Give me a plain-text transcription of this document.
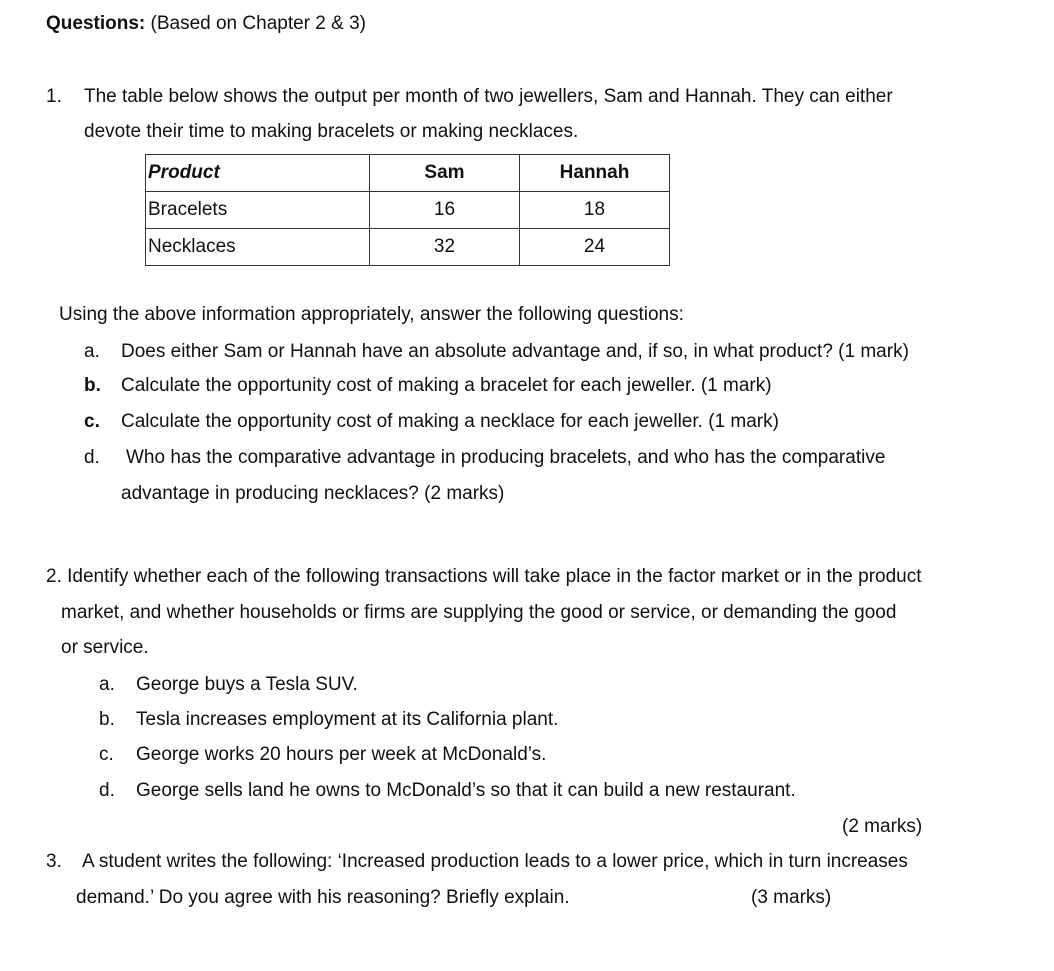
Questions: (Based on Chapter 2 & 3)
1. The table below shows the output per month of two jewellers, Sam and Hannah. They can either
devote their time to making bracelets or making necklaces.
Product	Sam	Hannah
Bracelets	16	18
Necklaces	32	24
Using the above information appropriately, answer the following questions:
a. Does either Sam or Hannah have an absolute advantage and, if so, in what product? (1 mark)
b. Calculate the opportunity cost of making a bracelet for each jeweller. (1 mark)
c. Calculate the opportunity cost of making a necklace for each jeweller. (1 mark)
d. Who has the comparative advantage in producing bracelets, and who has the comparative
advantage in producing necklaces? (2 marks)
2. Identify whether each of the following transactions will take place in the factor market or in the product
market, and whether households or firms are supplying the good or service, or demanding the good
or service.
a. George buys a Tesla SUV.
b. Tesla increases employment at its California plant.
c. George works 20 hours per week at McDonald’s.
d. George sells land he owns to McDonald’s so that it can build a new restaurant.
(2 marks)
3. A student writes the following: ‘Increased production leads to a lower price, which in turn increases
demand.’ Do you agree with his reasoning? Briefly explain.	(3 marks)
